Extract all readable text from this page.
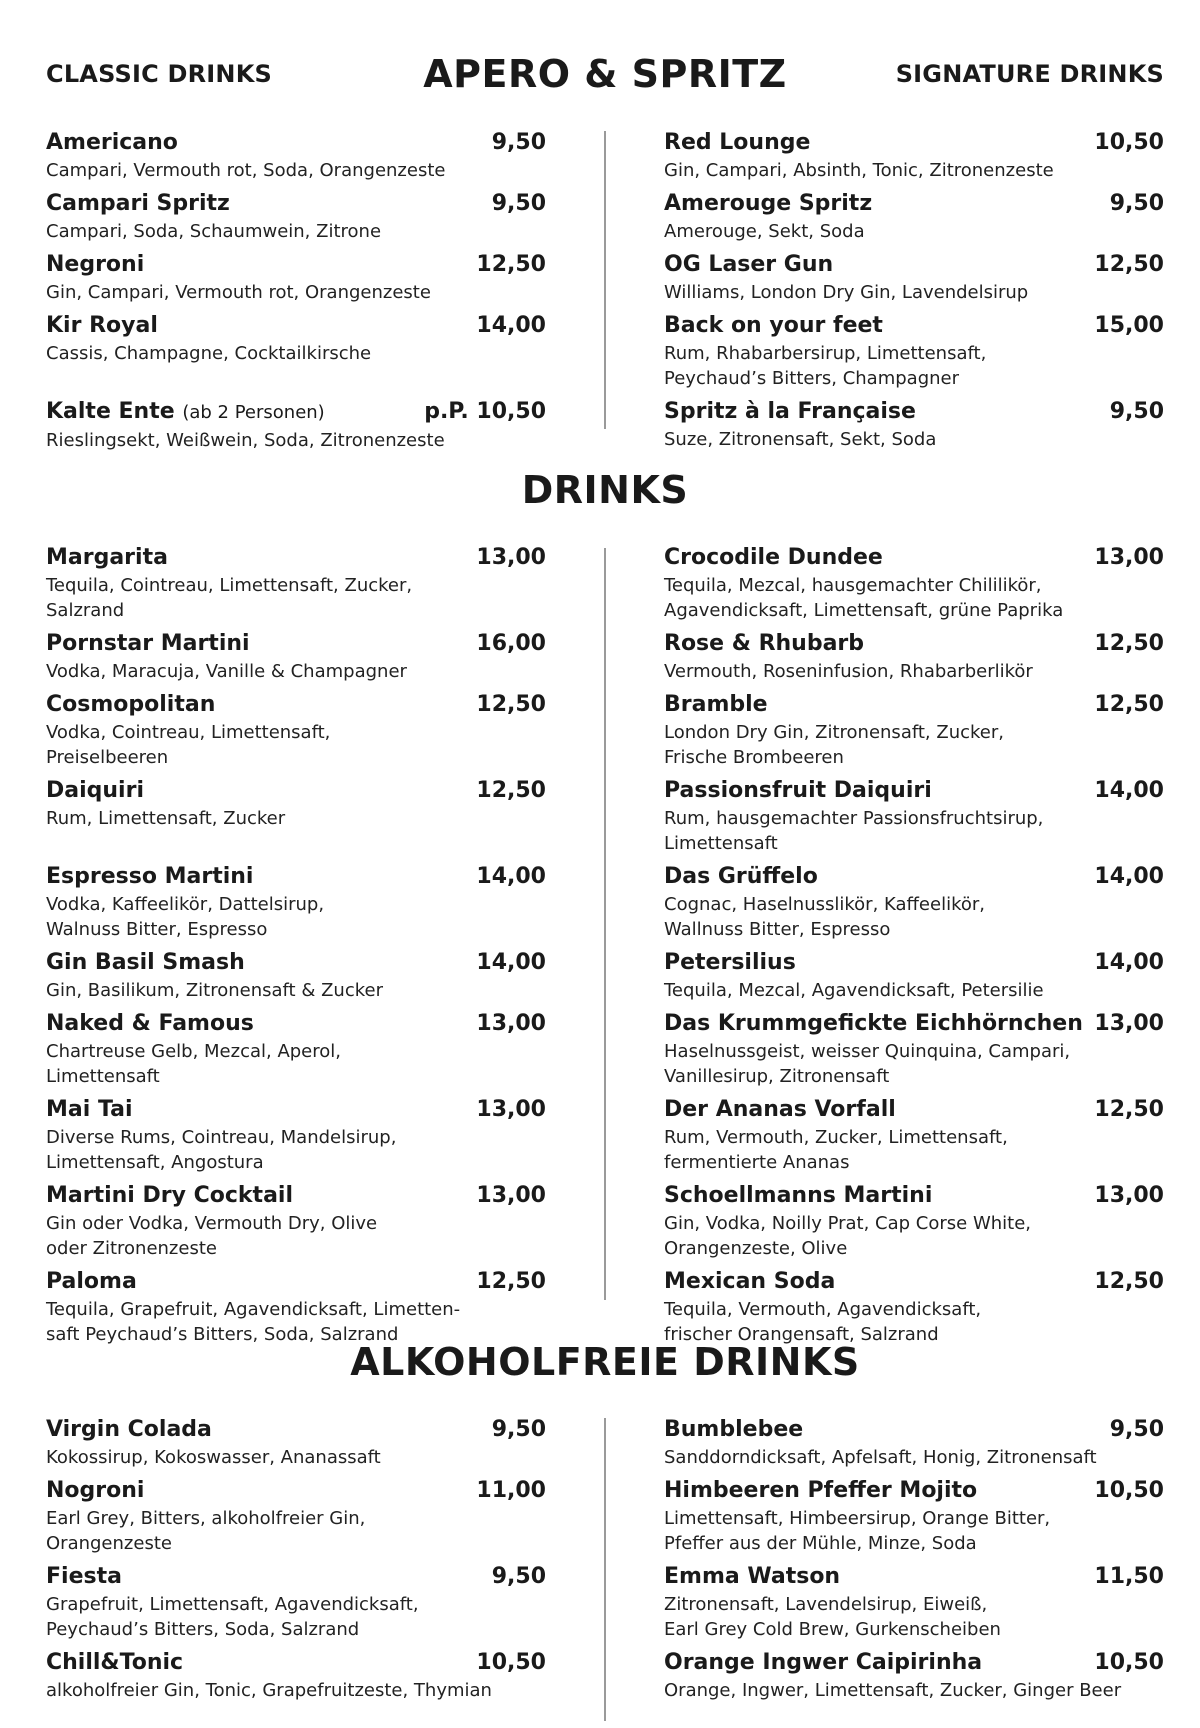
CLASSIC DRINKS	APERO & SPRITZ	SIGNATURE DRINKS
Americano	9,50
Campari, Vermouth rot, Soda, Orangenzeste
Campari Spritz	9,50
Campari, Soda, Schaumwein, Zitrone
Negroni	12,50
Gin, Campari, Vermouth rot, Orangenzeste
Kir Royal	14,00
Cassis, Champagne, Cocktailkirsche
Kalte Ente (ab 2 Personen)	p.P. 10,50
Rieslingsekt, Weißwein, Soda, Zitronenzeste
Red Lounge	10,50
Gin, Campari, Absinth, Tonic, Zitronenzeste
Amerouge Spritz	9,50
Amerouge, Sekt, Soda
OG Laser Gun	12,50
Williams, London Dry Gin, Lavendelsirup
Back on your feet	15,00
Rum, Rhabarbersirup, Limettensaft,
Peychaud’s Bitters, Champagner
Spritz à la Française	9,50
Suze, Zitronensaft, Sekt, Soda
DRINKS
Margarita	13,00
Tequila, Cointreau, Limettensaft, Zucker,
Salzrand
Pornstar Martini	16,00
Vodka, Maracuja, Vanille & Champagner
Cosmopolitan	12,50
Vodka, Cointreau, Limettensaft,
Preiselbeeren
Daiquiri	12,50
Rum, Limettensaft, Zucker
Espresso Martini	14,00
Vodka, Kaffeelikör, Dattelsirup,
Walnuss Bitter, Espresso
Gin Basil Smash	14,00
Gin, Basilikum, Zitronensaft & Zucker
Naked & Famous	13,00
Chartreuse Gelb, Mezcal, Aperol,
Limettensaft
Mai Tai	13,00
Diverse Rums, Cointreau, Mandelsirup,
Limettensaft, Angostura
Martini Dry Cocktail	13,00
Gin oder Vodka, Vermouth Dry, Olive
oder Zitronenzeste
Paloma	12,50
Tequila, Grapefruit, Agavendicksaft, Limetten-
saft Peychaud’s Bitters, Soda, Salzrand
Crocodile Dundee	13,00
Tequila, Mezcal, hausgemachter Chililikör,
Agavendicksaft, Limettensaft, grüne Paprika
Rose & Rhubarb	12,50
Vermouth, Roseninfusion, Rhabarberlikör
Bramble	12,50
London Dry Gin, Zitronensaft, Zucker,
Frische Brombeeren
Passionsfruit Daiquiri	14,00
Rum, hausgemachter Passionsfruchtsirup,
Limettensaft
Das Grüffelo	14,00
Cognac, Haselnusslikör, Kaffeelikör,
Wallnuss Bitter, Espresso
Petersilius	14,00
Tequila, Mezcal, Agavendicksaft, Petersilie
Das Krummgefickte Eichhörnchen 13,00
Haselnussgeist, weisser Quinquina, Campari,
Vanillesirup, Zitronensaft
Der Ananas Vorfall	12,50
Rum, Vermouth, Zucker, Limettensaft,
fermentierte Ananas
Schoellmanns Martini	13,00
Gin, Vodka, Noilly Prat, Cap Corse White,
Orangenzeste, Olive
Mexican Soda	12,50
Tequila, Vermouth, Agavendicksaft,
frischer Orangensaft, Salzrand
ALKOHOLFREIE DRINKS
Virgin Colada	9,50
Kokossirup, Kokoswasser, Ananassaft
Nogroni	11,00
Earl Grey, Bitters, alkoholfreier Gin,
Orangenzeste
Fiesta	9,50
Grapefruit, Limettensaft, Agavendicksaft,
Peychaud’s Bitters, Soda, Salzrand
Chill&Tonic	10,50
alkoholfreier Gin, Tonic, Grapefruitzeste, Thymian
Bumblebee	9,50
Sanddorndicksaft, Apfelsaft, Honig, Zitronensaft
Himbeeren Pfeffer Mojito	10,50
Limettensaft, Himbeersirup, Orange Bitter,
Pfeffer aus der Mühle, Minze, Soda
Emma Watson	11,50
Zitronensaft, Lavendelsirup, Eiweiß,
Earl Grey Cold Brew, Gurkenscheiben
Orange Ingwer Caipirinha	10,50
Orange, Ingwer, Limettensaft, Zucker, Ginger Beer
